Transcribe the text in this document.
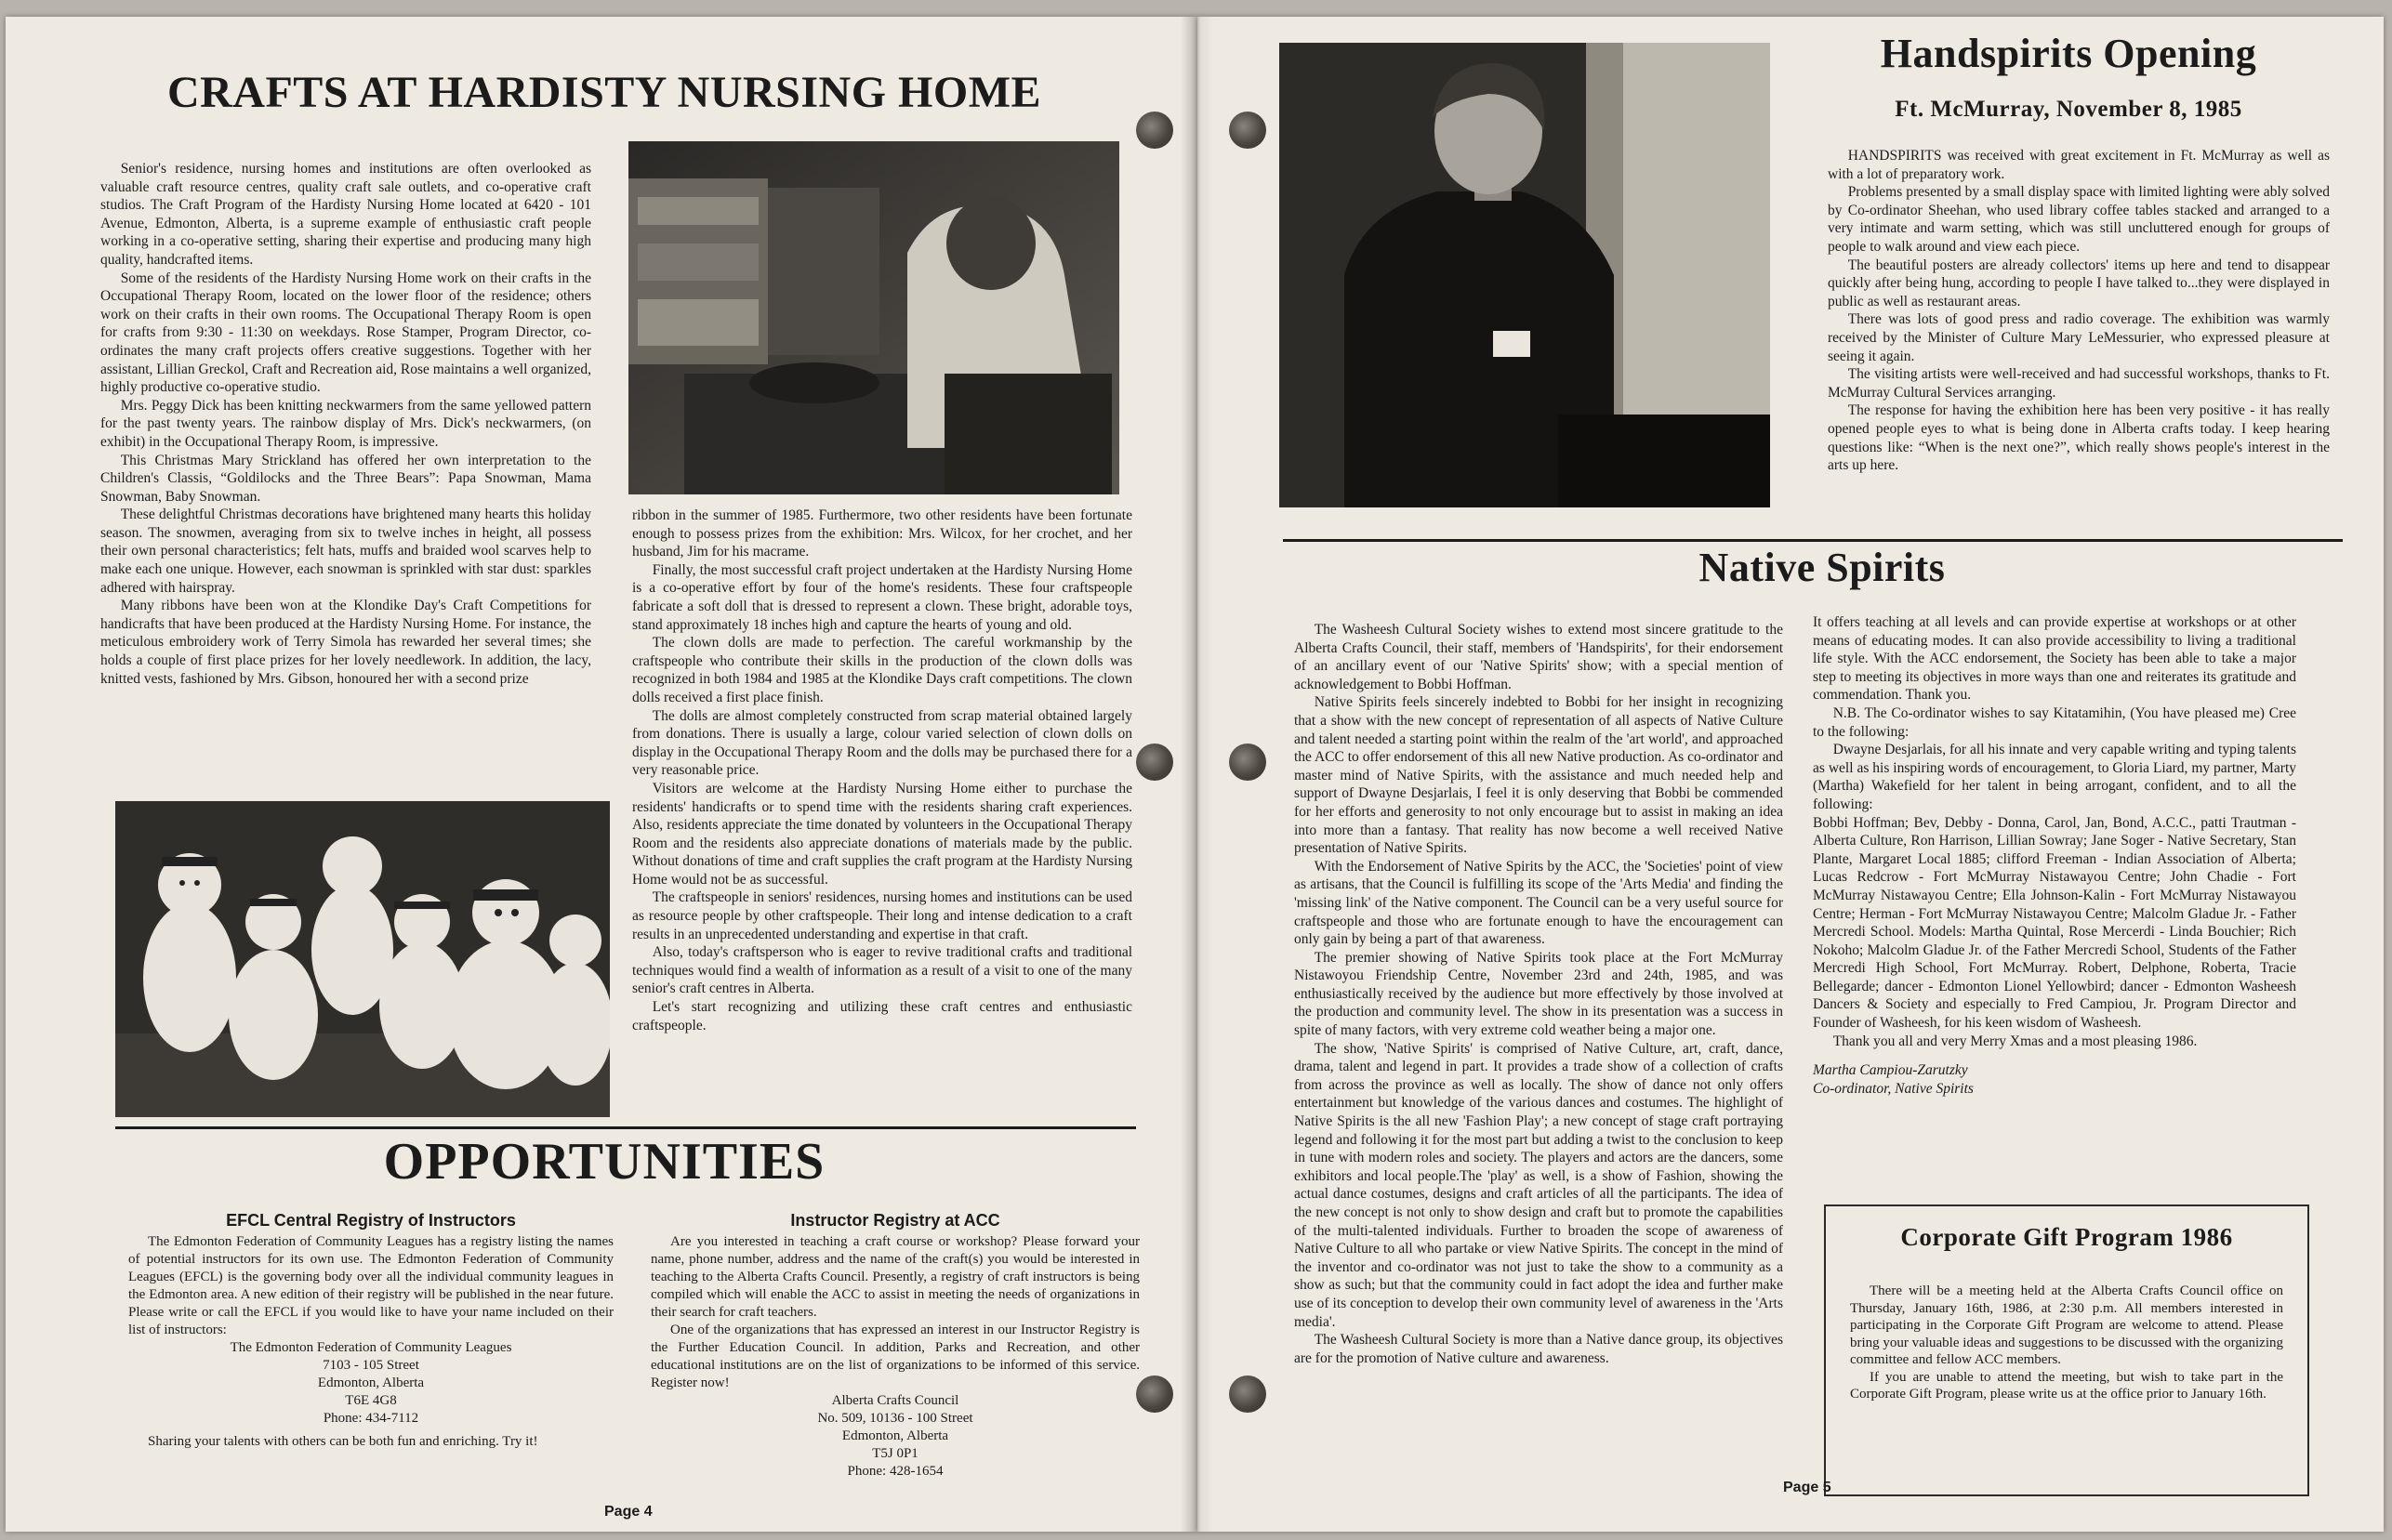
CRAFTS AT HARDISTY NURSING HOME

Senior's residence, nursing homes and institutions are often overlooked as valuable craft resource centres, quality craft sale outlets, and co-operative craft studios. The Craft Program of the Hardisty Nursing Home located at 6420 - 101 Avenue, Edmonton, Alberta, is a supreme example of enthusiastic craft people working in a co-operative setting, sharing their expertise and producing many high quality, handcrafted items.

Some of the residents of the Hardisty Nursing Home work on their crafts in the Occupational Therapy Room, located on the lower floor of the residence; others work on their crafts in their own rooms. The Occupational Therapy Room is open for crafts from 9:30 - 11:30 on weekdays. Rose Stamper, Program Director, co-ordinates the many craft projects offers creative suggestions. Together with her assistant, Lillian Greckol, Craft and Recreation aid, Rose maintains a well organized, highly productive co-operative studio.

Mrs. Peggy Dick has been knitting neckwarmers from the same yellowed pattern for the past twenty years. The rainbow display of Mrs. Dick's neckwarmers, (on exhibit) in the Occupational Therapy Room, is impressive.

This Christmas Mary Strickland has offered her own interpretation to the Children's Classis, “Goldilocks and the Three Bears”: Papa Snowman, Mama Snowman, Baby Snowman.

These delightful Christmas decorations have brightened many hearts this holiday season. The snowmen, averaging from six to twelve inches in height, all possess their own personal characteristics; felt hats, muffs and braided wool scarves help to make each one unique. However, each snowman is sprinkled with star dust: sparkles adhered with hairspray.

Many ribbons have been won at the Klondike Day's Craft Competitions for handicrafts that have been produced at the Hardisty Nursing Home. For instance, the meticulous embroidery work of Terry Simola has rewarded her several times; she holds a couple of first place prizes for her lovely needlework. In addition, the lacy, knitted vests, fashioned by Mrs. Gibson, honoured her with a second prize

ribbon in the summer of 1985. Furthermore, two other residents have been fortunate enough to possess prizes from the exhibition: Mrs. Wilcox, for her crochet, and her husband, Jim for his macrame.

Finally, the most successful craft project undertaken at the Hardisty Nursing Home is a co-operative effort by four of the home's residents. These four craftspeople fabricate a soft doll that is dressed to represent a clown. These bright, adorable toys, stand approximately 18 inches high and capture the hearts of young and old.

The clown dolls are made to perfection. The careful workmanship by the craftspeople who contribute their skills in the production of the clown dolls was recognized in both 1984 and 1985 at the Klondike Days craft competitions. The clown dolls received a first place finish.

The dolls are almost completely constructed from scrap material obtained largely from donations. There is usually a large, colour varied selection of clown dolls on display in the Occupational Therapy Room and the dolls may be purchased there for a very reasonable price.

Visitors are welcome at the Hardisty Nursing Home either to purchase the residents' handicrafts or to spend time with the residents sharing craft experiences. Also, residents appreciate the time donated by volunteers in the Occupational Therapy Room and the residents also appreciate donations of materials made by the public. Without donations of time and craft supplies the craft program at the Hardisty Nursing Home would not be as successful.

The craftspeople in seniors' residences, nursing homes and institutions can be used as resource people by other craftspeople. Their long and intense dedication to a craft results in an unprecedented understanding and expertise in that craft.

Also, today's craftsperson who is eager to revive traditional crafts and traditional techniques would find a wealth of information as a result of a visit to one of the many senior's craft centres in Alberta.

Let's start recognizing and utilizing these craft centres and enthusiastic craftspeople.

OPPORTUNITIES
EFCL Central Registry of Instructors

The Edmonton Federation of Community Leagues has a registry listing the names of potential instructors for its own use. The Edmonton Federation of Community Leagues (EFCL) is the governing body over all the individual community leagues in the Edmonton area. A new edition of their registry will be published in the near future. Please write or call the EFCL if you would like to have your name included on their list of instructors:

The Edmonton Federation of Community Leagues
7103 - 105 Street
Edmonton, Alberta
T6E 4G8
Phone: 434-7112

Sharing your talents with others can be both fun and enriching. Try it!

Instructor Registry at ACC

Are you interested in teaching a craft course or workshop? Please forward your name, phone number, address and the name of the craft(s) you would be interested in teaching to the Alberta Crafts Council. Presently, a registry of craft instructors is being compiled which will enable the ACC to assist in meeting the needs of organizations in their search for craft teachers.

One of the organizations that has expressed an interest in our Instructor Registry is the Further Education Council. In addition, Parks and Recreation, and other educational institutions are on the list of organizations to be informed of this service. Register now!

Alberta Crafts Council
No. 509, 10136 - 100 Street
Edmonton, Alberta
T5J 0P1
Phone: 428-1654
Page 4
Handspirits Opening
Ft. McMurray, November 8, 1985

HANDSPIRITS was received with great excitement in Ft. McMurray as well as with a lot of preparatory work.

Problems presented by a small display space with limited lighting were ably solved by Co-ordinator Sheehan, who used library coffee tables stacked and arranged to a very intimate and warm setting, which was still uncluttered enough for groups of people to walk around and view each piece.

The beautiful posters are already collectors' items up here and tend to disappear quickly after being hung, according to people I have talked to...they were displayed in public as well as restaurant areas.

There was lots of good press and radio coverage. The exhibition was warmly received by the Minister of Culture Mary LeMessurier, who expressed pleasure at seeing it again.

The visiting artists were well-received and had successful workshops, thanks to Ft. McMurray Cultural Services arranging.

The response for having the exhibition here has been very positive - it has really opened people eyes to what is being done in Alberta crafts today. I keep hearing questions like: “When is the next one?”, which really shows people's interest in the arts up here.

Native Spirits

The Washeesh Cultural Society wishes to extend most sincere gratitude to the Alberta Crafts Council, their staff, members of 'Handspirits', for their endorsement of an ancillary event of our 'Native Spirits' show; with a special mention of acknowledgement to Bobbi Hoffman.

Native Spirits feels sincerely indebted to Bobbi for her insight in recognizing that a show with the new concept of representation of all aspects of Native Culture and talent needed a starting point within the realm of the 'art world', and approached the ACC to offer endorsement of this all new Native production. As co-ordinator and master mind of Native Spirits, with the assistance and much needed help and support of Dwayne Desjarlais, I feel it is only deserving that Bobbi be commended for her efforts and generosity to not only encourage but to assist in making an idea into more than a fantasy. That reality has now become a well received Native presentation of Native Spirits.

With the Endorsement of Native Spirits by the ACC, the 'Societies' point of view as artisans, that the Council is fulfilling its scope of the 'Arts Media' and finding the 'missing link' of the Native component. The Council can be a very useful source for craftspeople and those who are fortunate enough to have the encouragement can only gain by being a part of that awareness.

The premier showing of Native Spirits took place at the Fort McMurray Nistawoyou Friendship Centre, November 23rd and 24th, 1985, and was enthusiastically received by the audience but more effectively by those involved at the production and community level. The show in its presentation was a success in spite of many factors, with very extreme cold weather being a major one.

The show, 'Native Spirits' is comprised of Native Culture, art, craft, dance, drama, talent and legend in part. It provides a trade show of a collection of crafts from across the province as well as locally. The show of dance not only offers entertainment but knowledge of the various dances and costumes. The highlight of Native Spirits is the all new 'Fashion Play'; a new concept of stage craft portraying legend and following it for the most part but adding a twist to the conclusion to keep in tune with modern roles and society. The players and actors are the dancers, some exhibitors and local people.The 'play' as well, is a show of Fashion, showing the actual dance costumes, designs and craft articles of all the participants. The idea of the new concept is not only to show design and craft but to promote the capabilities of the multi-talented individuals. Further to broaden the scope of awareness of Native Culture to all who partake or view Native Spirits. The concept in the mind of the inventor and co-ordinator was not just to take the show to a community as a show as such; but that the community could in fact adopt the idea and further make use of its conception to develop their own community level of awareness in the 'Arts media'.

The Washeesh Cultural Society is more than a Native dance group, its objectives are for the promotion of Native culture and awareness.

It offers teaching at all levels and can provide expertise at workshops or at other means of educating modes. It can also provide accessibility to living a traditional life style. With the ACC endorsement, the Society has been able to take a major step to meeting its objectives in more ways than one and reiterates its gratitude and commendation. Thank you.

N.B. The Co-ordinator wishes to say Kitatamihin, (You have pleased me) Cree to the following:

Dwayne Desjarlais, for all his innate and very capable writing and typing talents as well as his inspiring words of encouragement, to Gloria Liard, my partner, Marty (Martha) Wakefield for her talent in being arrogant, confident, and to all the following:

Bobbi Hoffman; Bev, Debby - Donna, Carol, Jan, Bond, A.C.C., patti Trautman - Alberta Culture, Ron Harrison, Lillian Sowray; Jane Soger - Native Secretary, Stan Plante, Margaret Local 1885; clifford Freeman - Indian Association of Alberta; Lucas Redcrow - Fort McMurray Nistawayou Centre; John Chadie - Fort McMurray Nistawayou Centre; Ella Johnson-Kalin - Fort McMurray Nistawayou Centre; Herman - Fort McMurray Nistawayou Centre; Malcolm Gladue Jr. - Father Mercredi School. Models: Martha Quintal, Rose Mercerdi - Linda Bouchier; Rich Nokoho; Malcolm Gladue Jr. of the Father Mercredi School, Students of the Father Mercredi High School, Fort McMurray. Robert, Delphone, Roberta, Tracie Bellegarde; dancer - Edmonton Lionel Yellowbird; dancer - Edmonton Washeesh Dancers & Society and especially to Fred Campiou, Jr. Program Director and Founder of Washeesh, for his keen wisdom of Washeesh.

Thank you all and very Merry Xmas and a most pleasing 1986.

Martha Campiou-Zarutzky
Co-ordinator, Native Spirits
Corporate Gift Program 1986

There will be a meeting held at the Alberta Crafts Council office on Thursday, January 16th, 1986, at 2:30 p.m. All members interested in participating in the Corporate Gift Program are welcome to attend. Please bring your valuable ideas and suggestions to be discussed with the organizing committee and fellow ACC members.

If you are unable to attend the meeting, but wish to take part in the Corporate Gift Program, please write us at the office prior to January 16th.

Page 5
